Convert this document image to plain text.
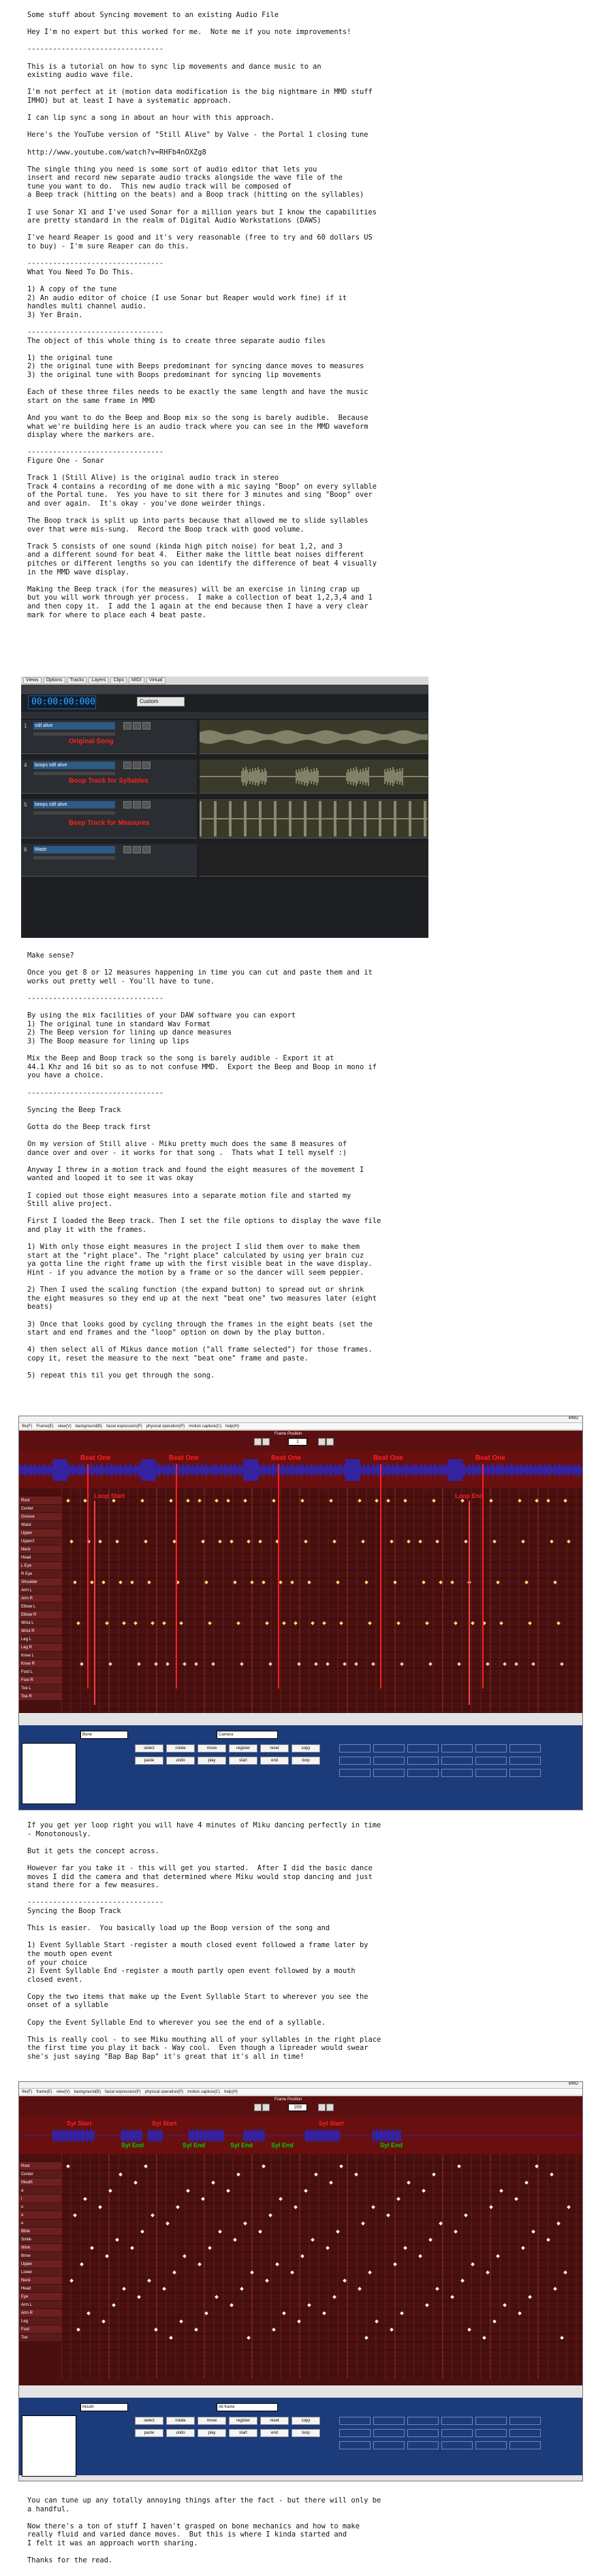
Some stuff about Syncing movement to an existing Audio File

Hey I'm no expert but this worked for me.  Note me if you note improvements!

--------------------------------

This is a tutorial on how to sync lip movements and dance music to an
existing audio wave file.

I'm not perfect at it (motion data modification is the big nightmare in MMD stuff
IMHO) but at least I have a systematic approach.

I can lip sync a song in about an hour with this approach.

Here's the YouTube version of "Still Alive" by Valve - the Portal 1 closing tune

http://www.youtube.com/watch?v=RHFb4nOXZg8

The single thing you need is some sort of audio editor that lets you
insert and record new separate audio tracks alongside the wave file of the
tune you want to do.  This new audio track will be composed of
a Beep track (hitting on the beats) and a Boop track (hitting on the syllables)

I use Sonar X1 and I've used Sonar for a million years but I know the capabilities
are pretty standard in the realm of Digital Audio Workstations (DAWS)

I've heard Reaper is good and it's very reasonable (free to try and 60 dollars US
to buy) - I'm sure Reaper can do this.

--------------------------------
What You Need To Do This.

1) A copy of the tune
2) An audio editor of choice (I use Sonar but Reaper would work fine) if it
handles multi channel audio.
3) Yer Brain.

--------------------------------
The object of this whole thing is to create three separate audio files

1) the original tune
2) the original tune with Beeps predominant for syncing dance moves to measures
3) the original tune with Boops predominant for syncing lip movements

Each of these three files needs to be exactly the same length and have the music
start on the same frame in MMD

And you want to do the Beep and Boop mix so the song is barely audible.  Because
what we're building here is an audio track where you can see in the MMD waveform
display where the markers are.

--------------------------------
Figure One - Sonar

Track 1 (Still Alive) is the original audio track in stereo
Track 4 contains a recording of me done with a mic saying "Boop" on every syllable
of the Portal tune.  Yes you have to sit there for 3 minutes and sing "Boop" over
and over again.  It's okay - you've done weirder things.

The Boop track is split up into parts because that allowed me to slide syllables
over that were mis-sung.  Record the Boop track with good volume.

Track 5 consists of one sound (kinda high pitch noise) for beat 1,2, and 3
and a different sound for beat 4.  Either make the little beat noises different
pitches or different lengths so you can identify the difference of beat 4 visually
in the MMD wave display.

Making the Beep track (for the measures) will be an exercise in lining crap up
but you will work through yer process.  I make a collection of beat 1,2,3,4 and 1
and then copy it.  I add the 1 again at the end because then I have a very clear
mark for where to place each 4 beat paste.

Views	Options	Tracks	Layers	Clips	MIDI	Virtual
00:00:00:000	Custom
1 still alive
Original Song
4 boops still alive
Boop Track for Syllables
5 beeps still alive
Beep Track for Measures
6 Mastr
Make sense?

Once you get 8 or 12 measures happening in time you can cut and paste them and it
works out pretty well - You'll have to tune.

--------------------------------

By using the mix facilities of your DAW software you can export
1) The original tune in standard Wav Format
2) The Beep version for lining up dance measures
3) The Boop measure for lining up lips

Mix the Beep and Boop track so the song is barely audible - Export it at
44.1 Khz and 16 bit so as to not confuse MMD.  Export the Beep and Boop in mono if
you have a choice.

--------------------------------

Syncing the Beep Track

Gotta do the Beep track first

On my version of Still alive - Miku pretty much does the same 8 measures of
dance over and over - it works for that song .  Thats what I tell myself :)

Anyway I threw in a motion track and found the eight measures of the movement I
wanted and looped it to see it was okay

I copied out those eight measures into a separate motion file and started my
Still alive project.

First I loaded the Beep track. Then I set the file options to display the wave file
and play it with the frames.

1) With only those eight measures in the project I slid them over to make them
start at the "right place". The "right place" calculated by using yer brain cuz
ya gotta line the right frame up with the first visible beat in the wave display.
Hint - if you advance the motion by a frame or so the dancer will seem peppier.

2) Then I used the scaling function (the expand button) to spread out or shrink
the eight measures so they end up at the next "beat one" two measures later (eight
beats)

3) Once that looks good by cycling through the frames in the eight beats (set the
start and end frames and the "loop" option on down by the play button.

4) then select all of Mikus dance motion ("all frame selected") for those frames.
copy it, reset the measure to the next "beat one" frame and paste.

5) repeat this til you get through the song.

MMD
file(F) Frame(E) view(V) background(B) facial expression(P) physical operation(P) motion capture(C) help(H)
Frame Position
1
Root
Center
Groove
Waist
Upper
Upper2
Neck
Head
L Eye
R Eye
Shoulder
Arm L
Arm R
Elbow L
Elbow R
Wrist L
Wrist R
Leg L
Leg R
Knee L
Knee R
Foot L
Foot R
Toe L
Toe R
Beat One	Beat One	Beat One	Beat One	Beat One
Loop Start	Loop End
Bone	Camera
select	rotate	move	register	reset	copy
paste	undo	play	start	end	loop
If you get yer loop right you will have 4 minutes of Miku dancing perfectly in time
- Monotonously.

But it gets the concept across.

However far you take it - this will get you started.  After I did the basic dance
moves I did the camera and that determined where Miku would stop dancing and just
stand there for a few measures.

--------------------------------
Syncing the Boop Track

This is easier.  You basically load up the Boop version of the song and

1) Event Syllable Start -register a mouth closed event followed a frame later by
the mouth open event
of your choice
2) Event Syllable End -register a mouth partly open event followed by a mouth
closed event.

Copy the two items that make up the Event Syllable Start to wherever you see the
onset of a syllable

Copy the Event Syllable End to wherever you see the end of a syllable.

This is really cool - to see Miku mouthing all of your syllables in the right place
the first time you play it back - Way cool.  Even though a lipreader would swear
she's just saying "Bap Bap Bap" it's great that it's all in time!

MMD
file(F) frame(E) view(V) background(B) facial expression(P) physical operation(P) motion capture(C) help(H)
Frame Position
169
Root
Center
Mouth
a
i
u
o
e
Blink
Smile
Wink
Brow
Upper
Lower
Neck
Head
Eye
Arm L
Arm R
Leg
Foot
Toe
Syl Start	Syl Start	Syl Start
Syl End	Syl End	Syl End	Syl End	Syl End
Mouth	All frame
select	rotate	move	register	reset	copy
paste	undo	play	start	end	loop
You can tune up any totally annoying things after the fact - but there will only be
a handful.

Now there's a ton of stuff I haven't grasped on bone mechanics and how to make
really fluid and varied dance moves.  But this is where I kinda started and
I felt it was an approach worth sharing.

Thanks for the read.
